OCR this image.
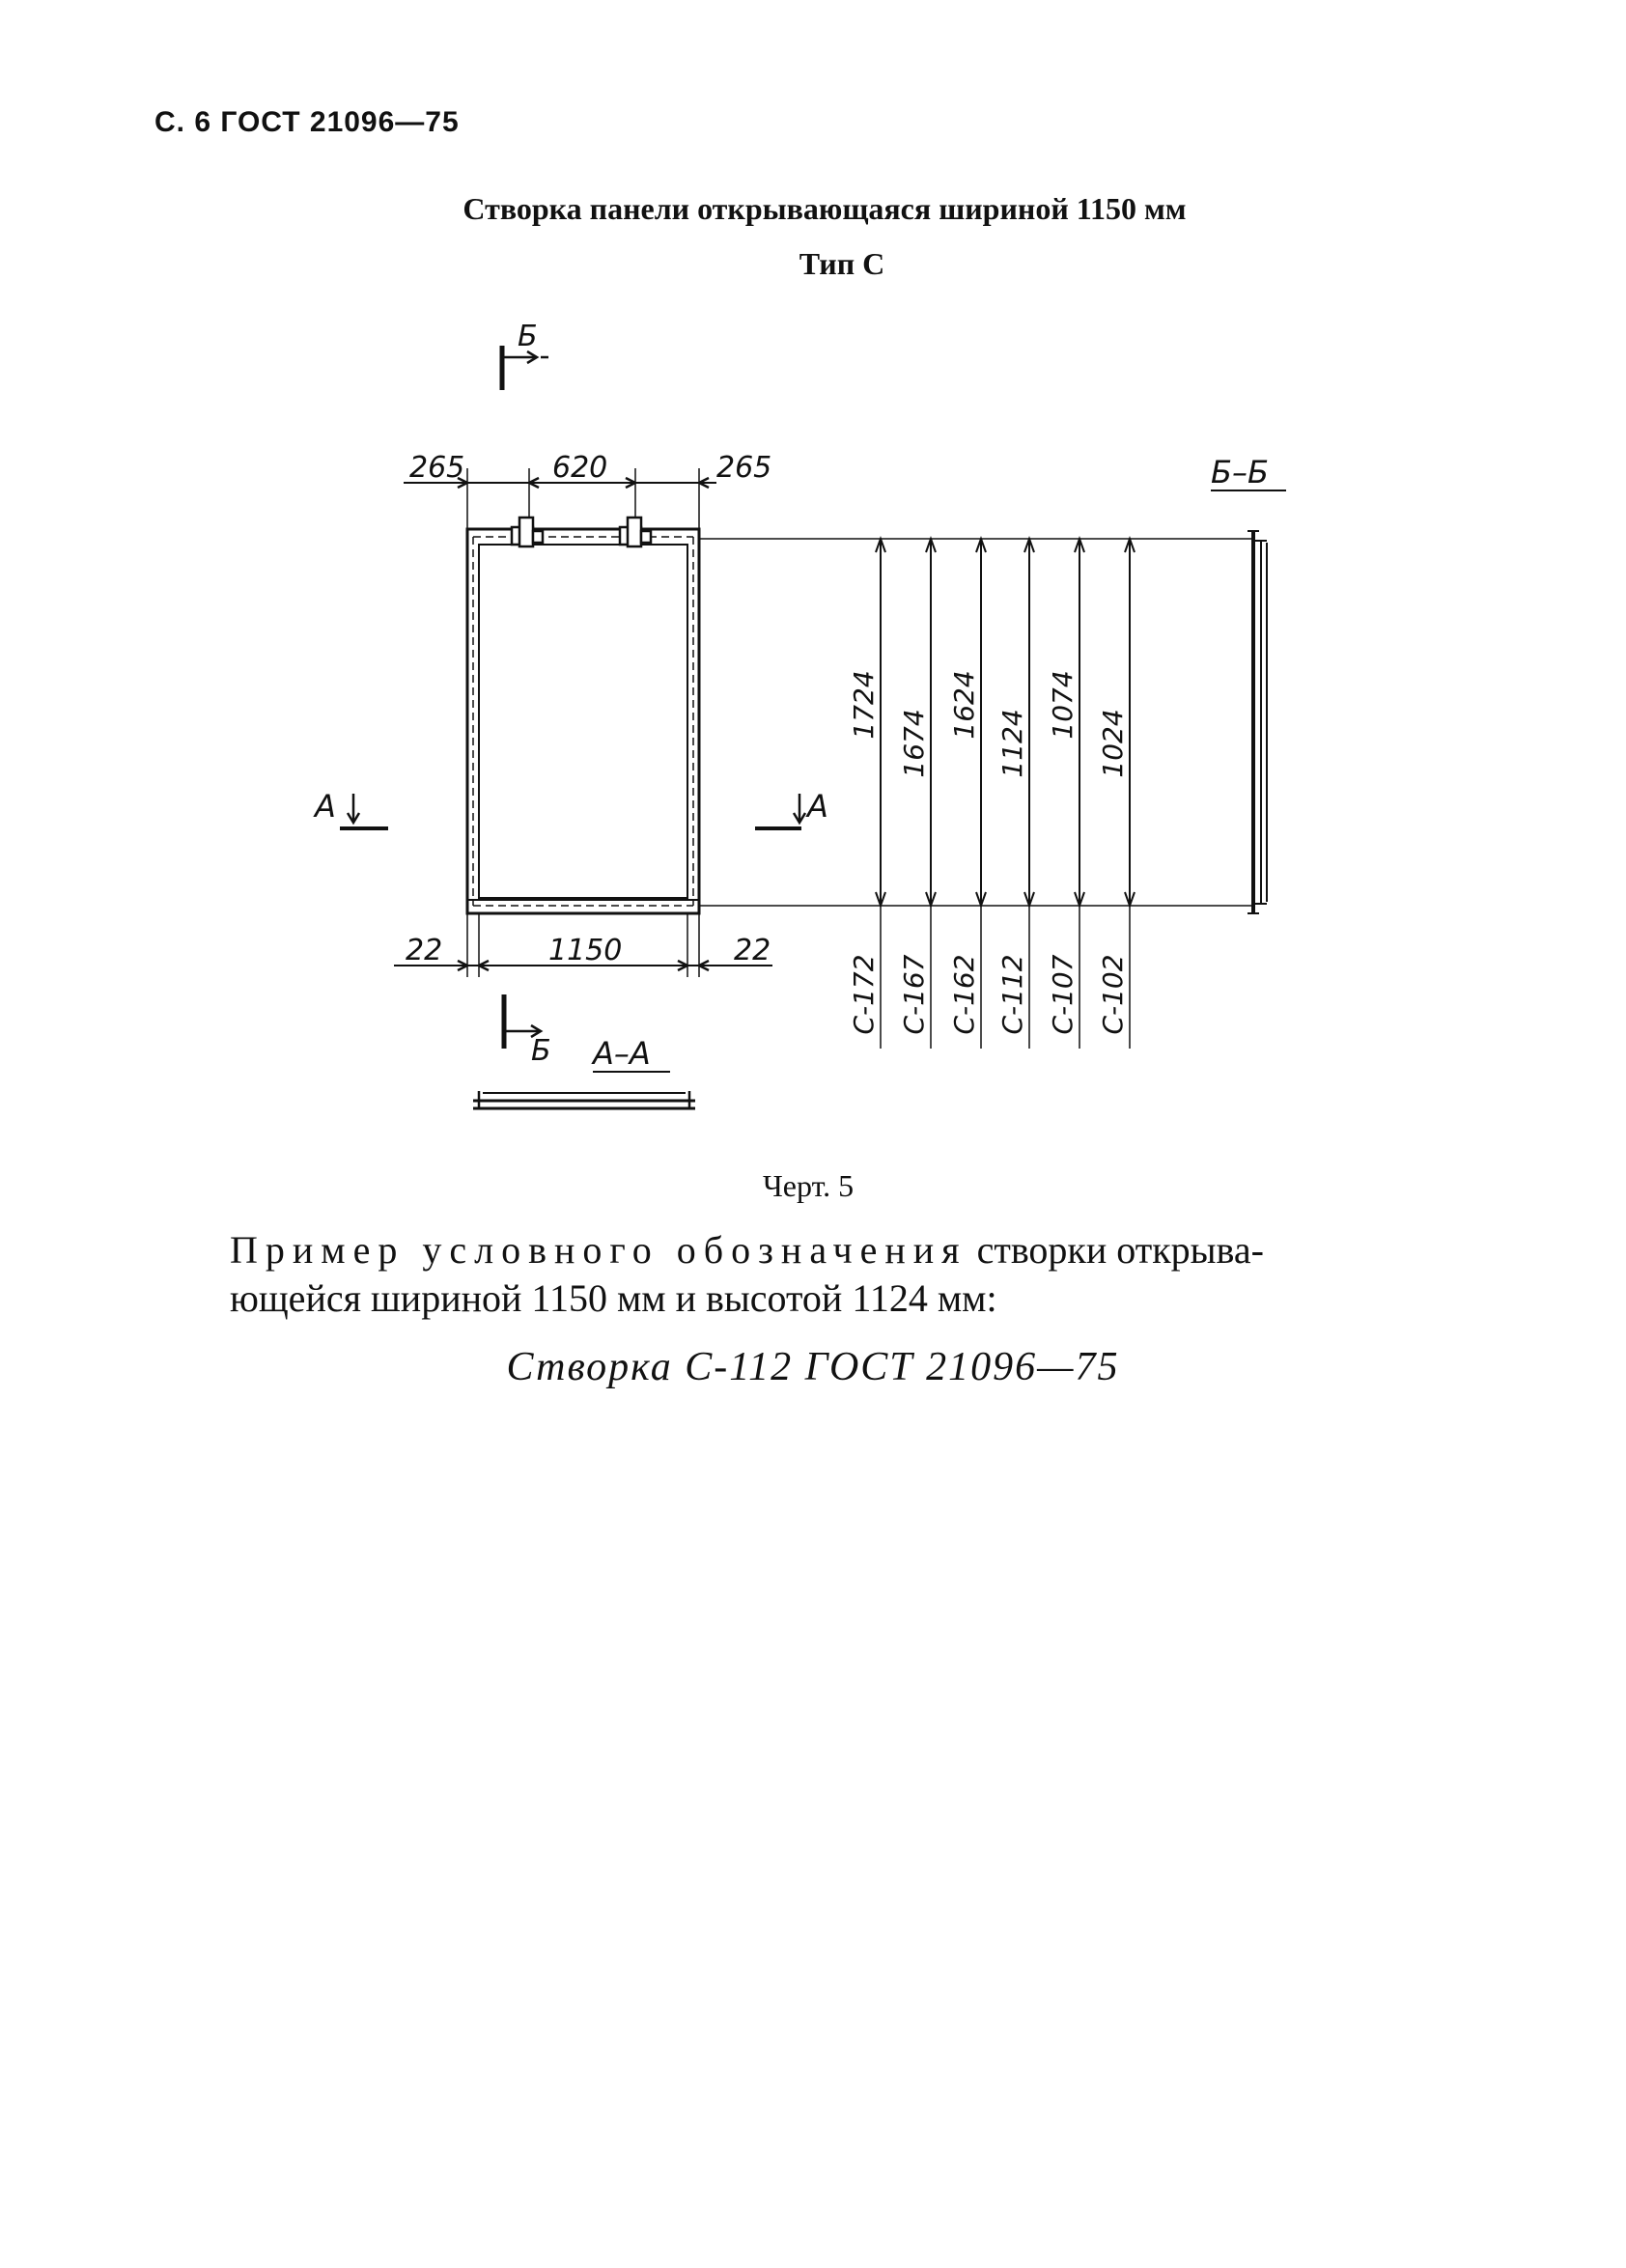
С. 6 ГОСТ 21096—75
Створка панели открывающаяся шириной 1150 мм
Тип С
265	620	265
22	1150	22
Б
Б
Б–Б
А	А
А–А
1724
1674
1624
1124
1074
1024
С-172 С-167 С-162 С-112 С-107 С-102
Черт. 5
Пример условного обозначения створки открыва-
ющейся шириной 1150 мм и высотой 1124 мм:
Створка С-112 ГОСТ 21096—75
